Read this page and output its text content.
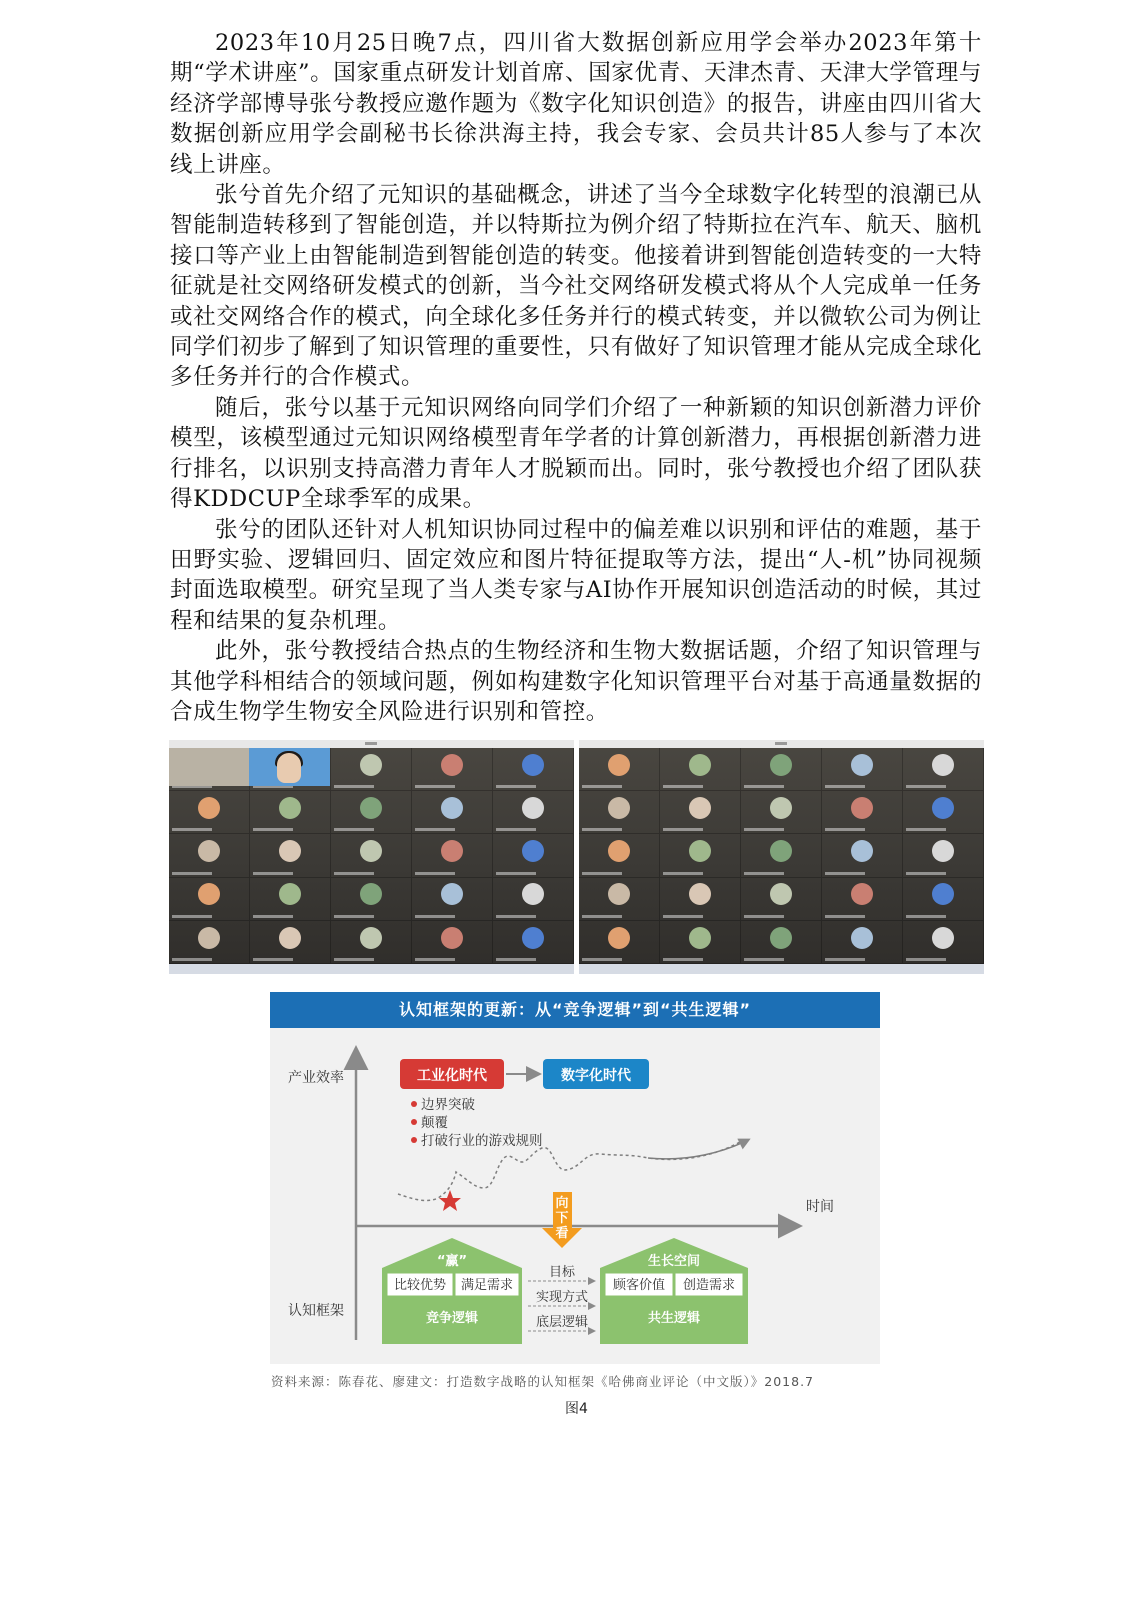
2023年10月25日晚7点，四川省大数据创新应用学会举办2023年第十期“学术讲座”。国家重点研发计划首席、国家优青、天津杰青、天津大学管理与经济学部博导张兮教授应邀作题为《数字化知识创造》的报告，讲座由四川省大数据创新应用学会副秘书长徐洪海主持，我会专家、会员共计85人参与了本次线上讲座。

张兮首先介绍了元知识的基础概念，讲述了当今全球数字化转型的浪潮已从智能制造转移到了智能创造，并以特斯拉为例介绍了特斯拉在汽车、航天、脑机接口等产业上由智能制造到智能创造的转变。他接着讲到智能创造转变的一大特征就是社交网络研发模式的创新，当今社交网络研发模式将从个人完成单一任务或社交网络合作的模式，向全球化多任务并行的模式转变，并以微软公司为例让同学们初步了解到了知识管理的重要性，只有做好了知识管理才能从完成全球化多任务并行的合作模式。

随后，张兮以基于元知识网络向同学们介绍了一种新颖的知识创新潜力评价模型，该模型通过元知识网络模型青年学者的计算创新潜力，再根据创新潜力进行排名，以识别支持高潜力青年人才脱颖而出。同时，张兮教授也介绍了团队获得KDDCUP全球季军的成果。

张兮的团队还针对人机知识协同过程中的偏差难以识别和评估的难题，基于田野实验、逻辑回归、固定效应和图片特征提取等方法，提出“人-机”协同视频封面选取模型。研究呈现了当人类专家与AI协作开展知识创造活动的时候，其过程和结果的复杂机理。

此外，张兮教授结合热点的生物经济和生物大数据话题，介绍了知识管理与其他学科相结合的领域问题，例如构建数字化知识管理平台对基于高通量数据的合成生物学生物安全风险进行识别和管控。

产业效率
认知框架
时间
工业化时代	数字化时代
边界突破
颠覆
打破行业的游戏规则
向
下
看
“赢”
比较优势 满足需求
竞争逻辑
目标
实现方式
底层逻辑
生长空间
顾客价值 创造需求
共生逻辑
认知框架的更新：从“竞争逻辑”到“共生逻辑”
资料来源：陈春花、廖建文：打造数字战略的认知框架《哈佛商业评论（中文版）》2018.7
图4
